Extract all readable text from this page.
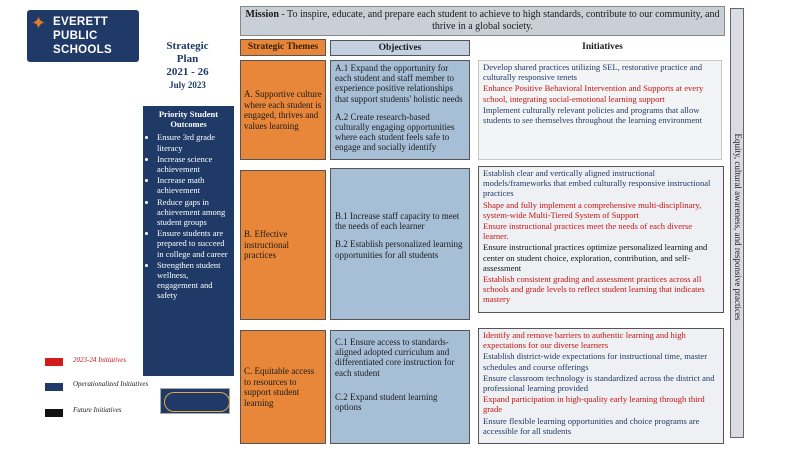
✦ EVERETT
PUBLIC
SCHOOLS
Mission - To inspire, educate, and prepare each student to achieve to high standards, contribute to our community, and thrive in a global society.
Strategic
Plan
2021 - 26
July 2023
Strategic Themes	Objectives	Initiatives
Priority Student Outcomes
• Ensure 3rd grade literacy
• Increase science achievement
• Increase math achievement
• Reduce gaps in achievement among student groups
• Ensure students are prepared to succeed in college and career
• Strengthen student wellness, engagement and safety
A. Supportive culture where each student is engaged, thrives and values learning
B. Effective instructional practices
C. Equitable access to resources to support student learning

A.1 Expand the opportunity for each student and staff member to experience positive relationships that support students' holistic needs

A.2 Create research-based culturally engaging opportunities where each student feels safe to engage and socially identify

B.1 Increase staff capacity to meet the needs of each learner

B.2 Establish personalized learning opportunities for all students

C.1 Ensure access to standards-aligned adopted curriculum and differentiated core instruction for each student

C.2 Expand student learning options

Develop shared practices utilizing SEL, restorative practice and culturally responsive tenets

Enhance Positive Behavioral Intervention and Supports at every school, integrating social-emotional learning support

Implement culturally relevant policies and programs that allow students to see themselves throughout the learning environment

Establish clear and vertically aligned instructional models/frameworks that embed culturally responsive instructional practices

Shape and fully implement a comprehensive multi-disciplinary, system-wide Multi-Tiered System of Support

Ensure instructional practices meet the needs of each diverse learner.

Ensure instructional practices optimize personalized learning and center on student choice, exploration, contribution, and self-assessment

Establish consistent grading and assessment practices across all schools and grade levels to reflect student learning that indicates mastery

Identify and remove barriers to authentic learning and high expectations for our diverse learners

Establish district-wide expectations for instructional time, master schedules and course offerings

Ensure classroom technology is standardized across the district and professional learning provided

Expand participation in high-quality early learning through third grade

Ensure flexible learning opportunities and choice programs are accessible for all students

Equity, cultural awareness, and responsive practices
2023-24 Initiatives
Operationalized Initiatives
Future Initiatives
